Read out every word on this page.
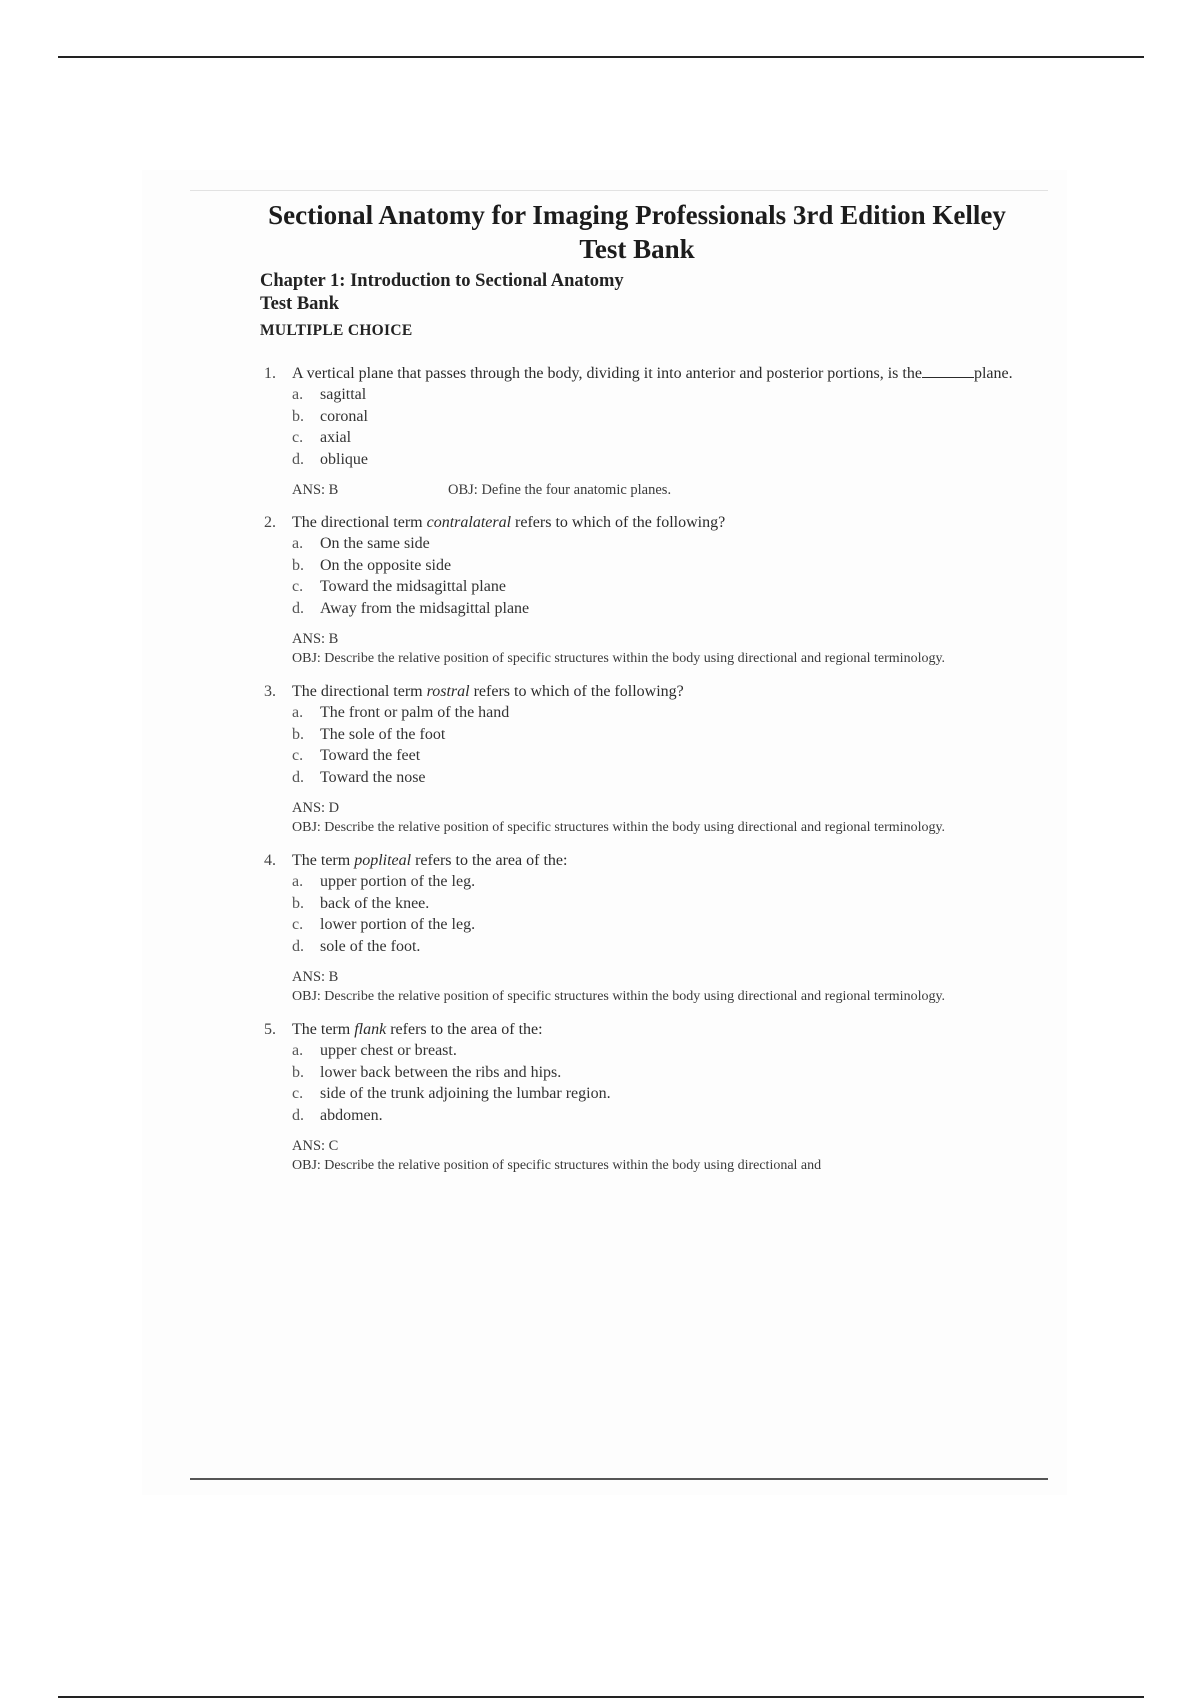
Sectional Anatomy for Imaging Professionals 3rd Edition Kelley Test Bank
Chapter 1: Introduction to Sectional Anatomy
Test Bank
MULTIPLE CHOICE
1.	A vertical plane that passes through the body, dividing it into anterior and posterior portions, is the	plane.
a.	sagittal
b.	coronal
c.	axial
d.	oblique
ANS: B	OBJ: Define the four anatomic planes.
2.	The directional term contralateral refers to which of the following?
a.	On the same side
b.	On the opposite side
c.	Toward the midsagittal plane
d.	Away from the midsagittal plane
ANS: B
OBJ: Describe the relative position of specific structures within the body using directional and regional terminology.
3.	The directional term rostral refers to which of the following?
a.	The front or palm of the hand
b.	The sole of the foot
c.	Toward the feet
d.	Toward the nose
ANS: D
OBJ: Describe the relative position of specific structures within the body using directional and regional terminology.
4.	The term popliteal refers to the area of the:
a.	upper portion of the leg.
b.	back of the knee.
c.	lower portion of the leg.
d.	sole of the foot.
ANS: B
OBJ: Describe the relative position of specific structures within the body using directional and regional terminology.
5.	The term flank refers to the area of the:
a.	upper chest or breast.
b.	lower back between the ribs and hips.
c.	side of the trunk adjoining the lumbar region.
d.	abdomen.
ANS: C
OBJ: Describe the relative position of specific structures within the body using directional and
